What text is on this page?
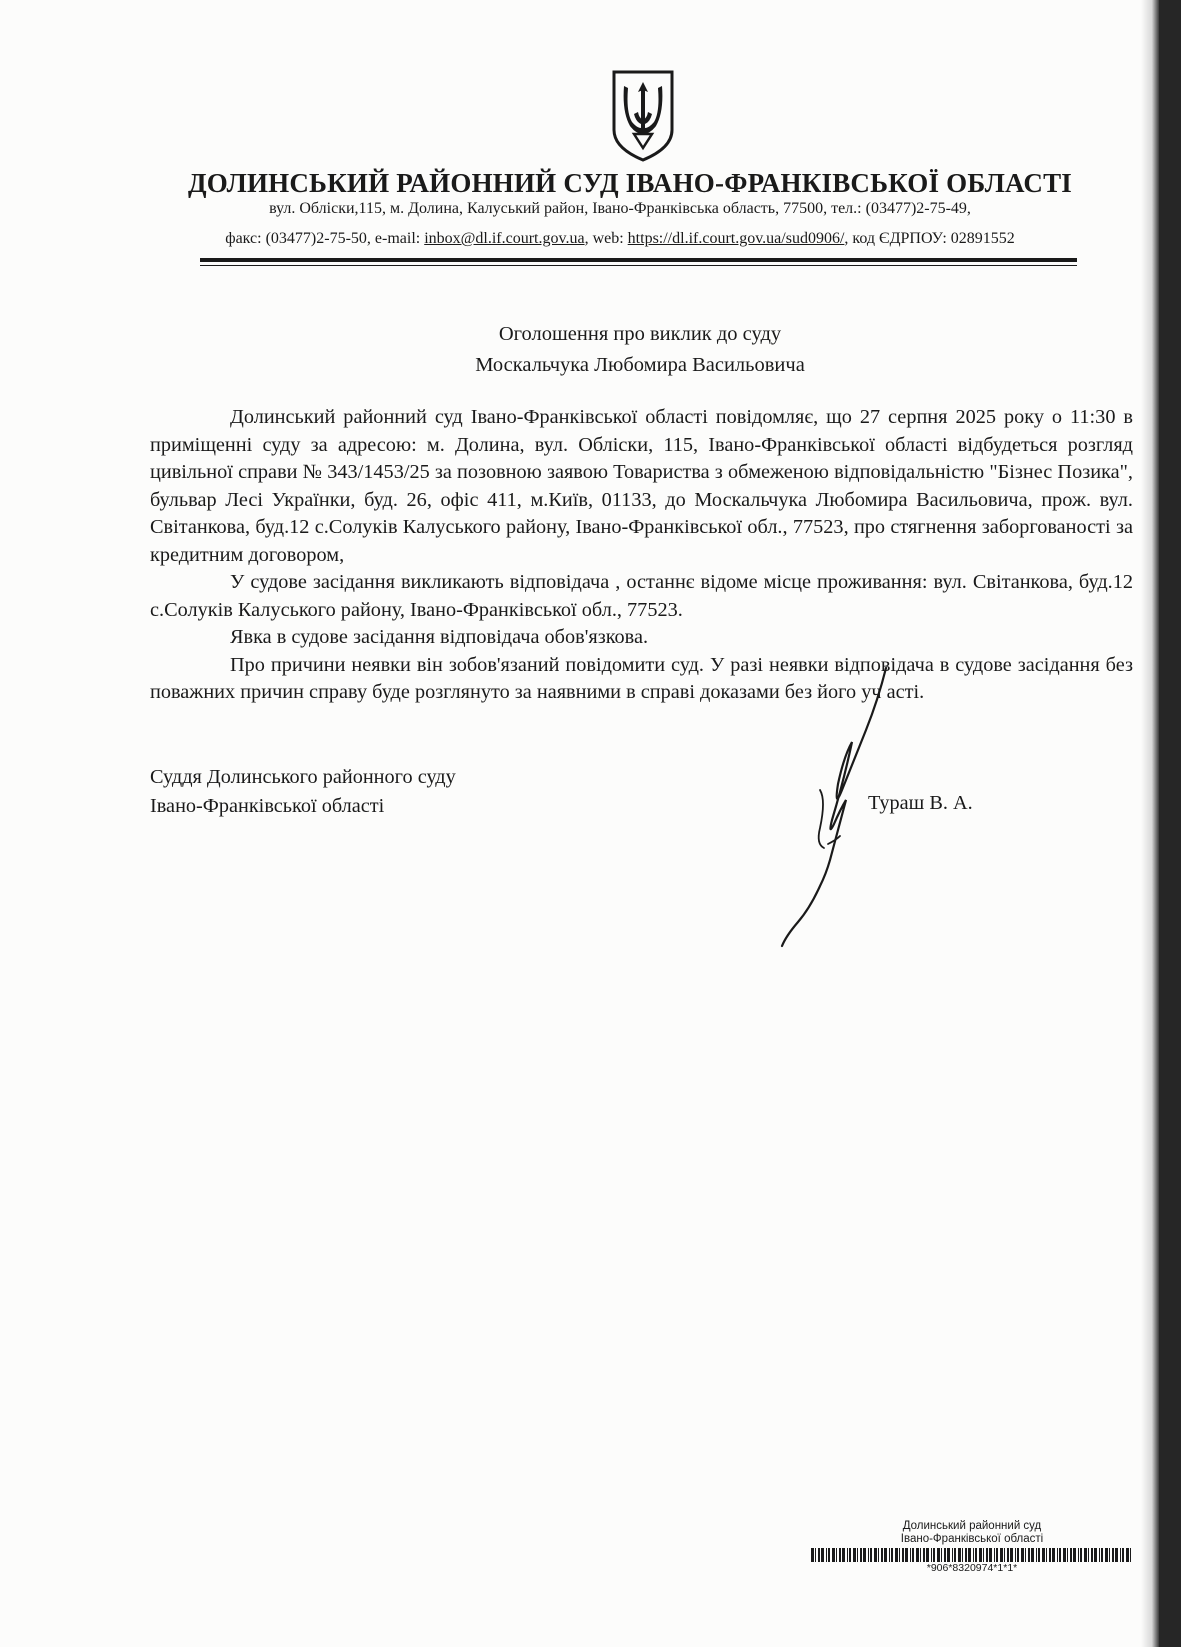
ДОЛИНСЬКИЙ РАЙОННИЙ СУД ІВАНО-ФРАНКІВСЬКОЇ ОБЛАСТІ
вул. Обліски,115, м. Долина, Калуський район, Івано-Франківська область, 77500, тел.: (03477)2-75-49,
факс: (03477)2-75-50, e-mail: inbox@dl.if.court.gov.ua, web: https://dl.if.court.gov.ua/sud0906/, код ЄДРПОУ: 02891552
Оголошення про виклик до суду
Москальчука Любомира Васильовича

Долинський районний суд Івано-Франківської області повідомляє, що 27 серпня 2025 року о 11:30 в приміщенні суду за адресою: м. Долина, вул. Обліски, 115, Івано-Франківської області відбудеться розгляд цивільної справи № 343/1453/25 за позовною заявою Товариства з обмеженою відповідальністю "Бізнес Позика", бульвар Лесі Українки, буд. 26, офіс 411, м.Київ, 01133, до Москальчука Любомира Васильовича, прож. вул. Світанкова, буд.12 с.Солуків Калуського району, Івано-Франківської обл., 77523, про стягнення заборгованості за кредитним договором,

У судове засідання викликають відповідача , останнє відоме місце проживання: вул. Світанкова, буд.12 с.Солуків Калуського району, Івано-Франківської обл., 77523.

Явка в судове засідання відповідача обов'язкова.

Про причини неявки він зобов'язаний повідомити суд. У разі неявки відповідача в судове засідання без поважних причин справу буде розглянуто за наявними в справі доказами без його уч асті.

Суддя Долинського районного суду
Івано-Франківської області	Тураш В. А.
Долинський районний суд
Івано-Франківської області
*906*8320974*1*1*
